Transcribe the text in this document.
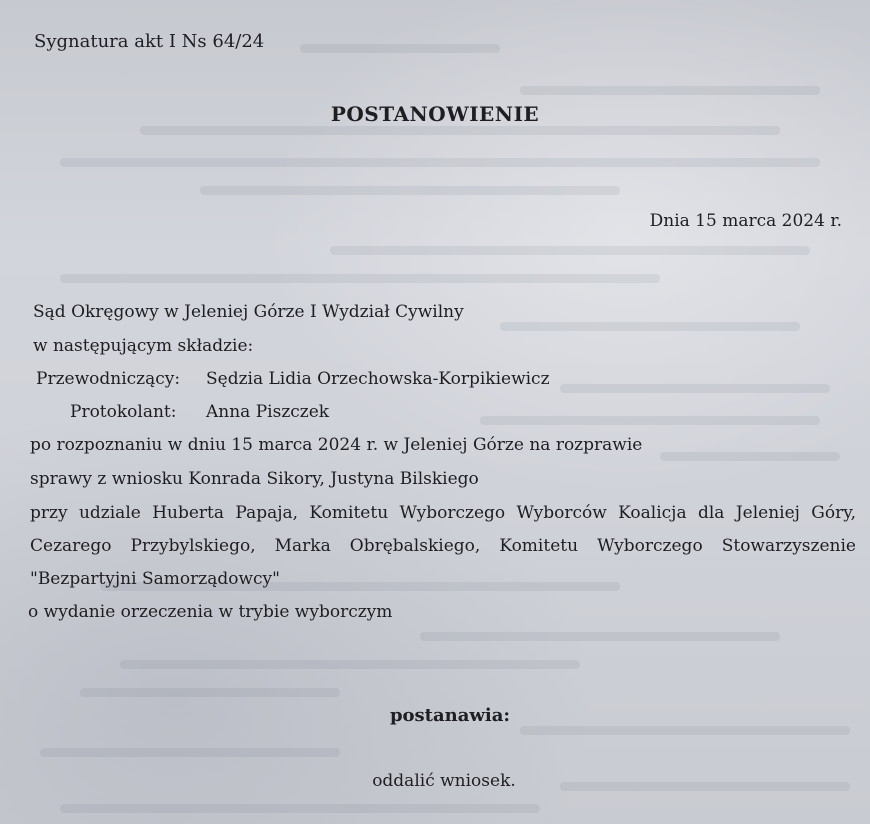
Sygnatura akt I Ns 64/24

POSTANOWIENIE

Dnia 15 marca 2024 r.

Sąd Okręgowy w Jeleniej Górze I Wydział Cywilny

w następującym składzie:

Przewodniczący: Sędzia Lidia Orzechowska-Korpikiewicz

Protokolant: Anna Piszczek

po rozpoznaniu w dniu 15 marca 2024 r. w Jeleniej Górze na rozprawie

sprawy z wniosku Konrada Sikory, Justyna Bilskiego

przy udziale Huberta Papaja, Komitetu Wyborczego Wyborców Koalicja dla Jeleniej Góry,

Cezarego Przybylskiego, Marka Obrębalskiego, Komitetu Wyborczego Stowarzyszenie

"Bezpartyjni Samorządowcy"

o wydanie orzeczenia w trybie wyborczym

postanawia:

oddalić wniosek.
